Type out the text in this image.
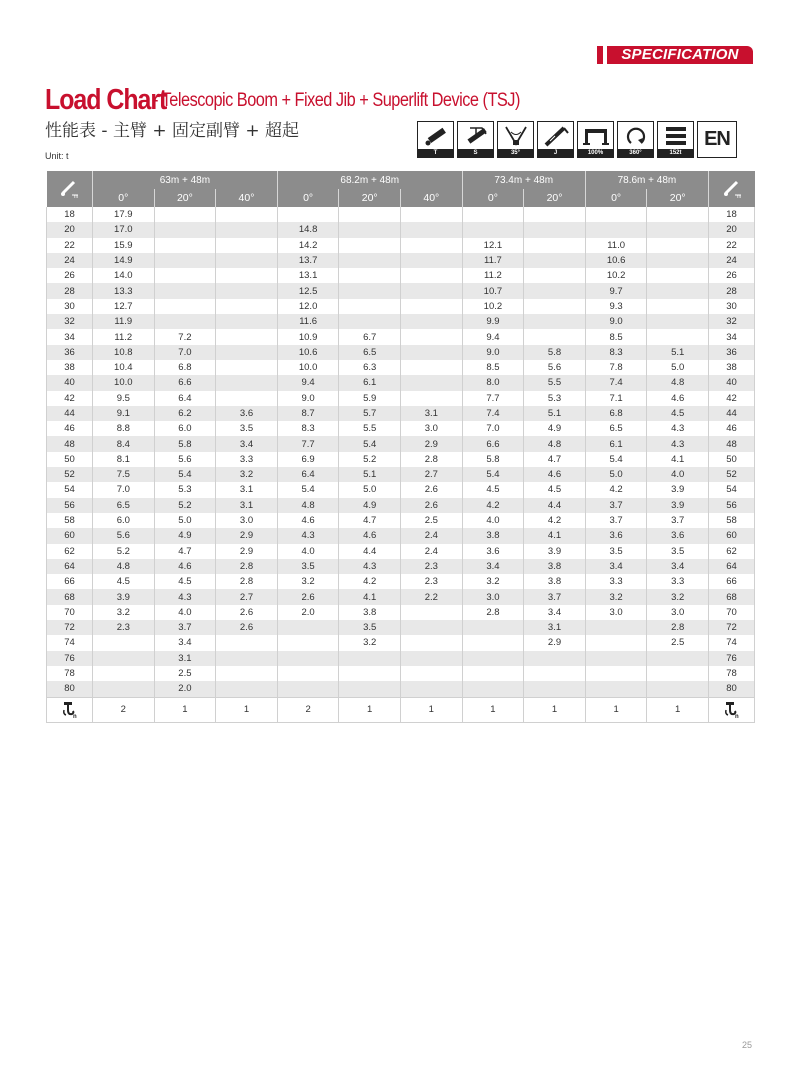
SPECIFICATION
Load Chart
- Telescopic Boom + Fixed Jib + Superlift Device (TSJ)
性能表 - 主臂 + 固定副臂 + 超起
Unit: t	T	S	35°	J	100%	360°	152t
EN
m	63m + 48m			68.2m + 48m			73.4m + 48m		78.6m + 48m		m

	0°	20°	40°	0°	20°	40°	0°	20°	0°	20°	
18	17.9										18
20	17.0			14.8							20
22	15.9			14.2			12.1		11.0		22
24	14.9			13.7			11.7		10.6		24
26	14.0			13.1			11.2		10.2		26
28	13.3			12.5			10.7		9.7		28
30	12.7			12.0			10.2		9.3		30
32	11.9			11.6			9.9		9.0		32
34	11.2	7.2		10.9	6.7		9.4		8.5		34
36	10.8	7.0		10.6	6.5		9.0	5.8	8.3	5.1	36
38	10.4	6.8		10.0	6.3		8.5	5.6	7.8	5.0	38
40	10.0	6.6		9.4	6.1		8.0	5.5	7.4	4.8	40
42	9.5	6.4		9.0	5.9		7.7	5.3	7.1	4.6	42
44	9.1	6.2	3.6	8.7	5.7	3.1	7.4	5.1	6.8	4.5	44
46	8.8	6.0	3.5	8.3	5.5	3.0	7.0	4.9	6.5	4.3	46
48	8.4	5.8	3.4	7.7	5.4	2.9	6.6	4.8	6.1	4.3	48
50	8.1	5.6	3.3	6.9	5.2	2.8	5.8	4.7	5.4	4.1	50
52	7.5	5.4	3.2	6.4	5.1	2.7	5.4	4.6	5.0	4.0	52
54	7.0	5.3	3.1	5.4	5.0	2.6	4.5	4.5	4.2	3.9	54
56	6.5	5.2	3.1	4.8	4.9	2.6	4.2	4.4	3.7	3.9	56
58	6.0	5.0	3.0	4.6	4.7	2.5	4.0	4.2	3.7	3.7	58
60	5.6	4.9	2.9	4.3	4.6	2.4	3.8	4.1	3.6	3.6	60
62	5.2	4.7	2.9	4.0	4.4	2.4	3.6	3.9	3.5	3.5	62
64	4.8	4.6	2.8	3.5	4.3	2.3	3.4	3.8	3.4	3.4	64
66	4.5	4.5	2.8	3.2	4.2	2.3	3.2	3.8	3.3	3.3	66
68	3.9	4.3	2.7	2.6	4.1	2.2	3.0	3.7	3.2	3.2	68
70	3.2	4.0	2.6	2.0	3.8		2.8	3.4	3.0	3.0	70
72	2.3	3.7	2.6		3.5			3.1		2.8	72
74		3.4			3.2			2.9		2.5	74
76		3.1									76
78		2.5									78
80		2.0									80

n	2	1	1	2	1	1	1	1	1	1	n
25
